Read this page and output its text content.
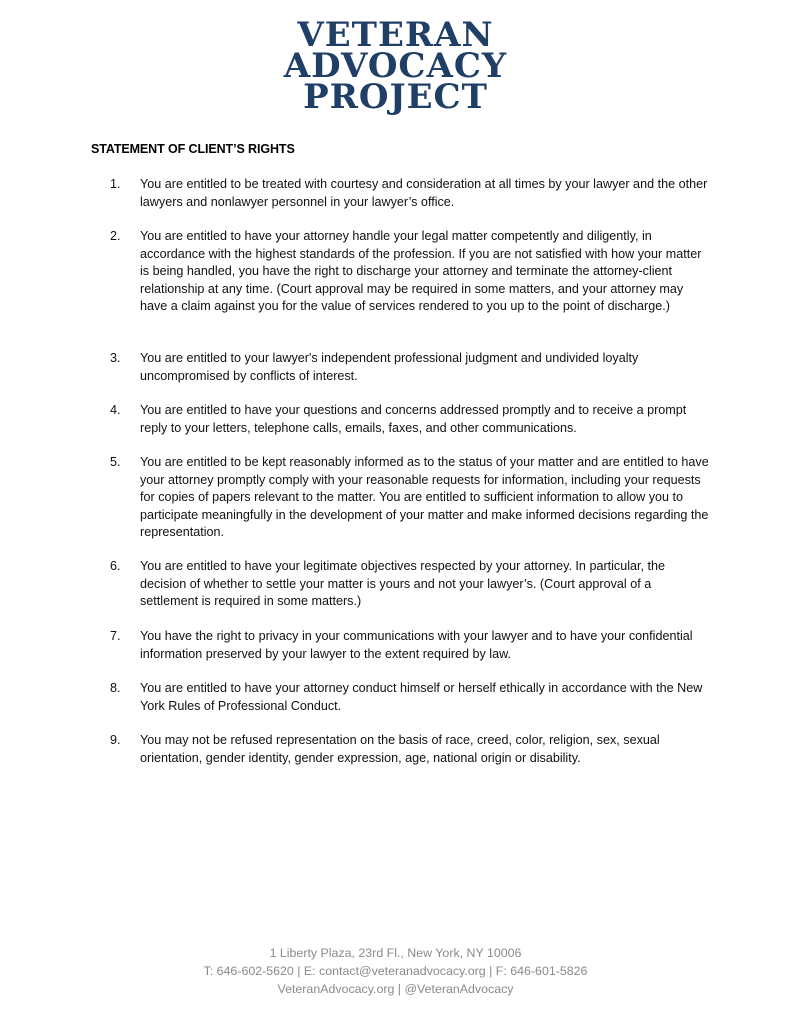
VETERAN
ADVOCACY
PROJECT
STATEMENT OF CLIENT’S RIGHTS
1.	You are entitled to be treated with courtesy and consideration at all times by your lawyer and the other lawyers and nonlawyer personnel in your lawyer’s office.
2.	You are entitled to have your attorney handle your legal matter competently and diligently, in accordance with the highest standards of the profession. If you are not satisfied with how your matter is being handled, you have the right to discharge your attorney and terminate the attorney-client relationship at any time. (Court approval may be required in some matters, and your attorney may have a claim against you for the value of services rendered to you up to the point of discharge.)
3.	You are entitled to your lawyer's independent professional judgment and undivided loyalty uncompromised by conflicts of interest.
4.	You are entitled to have your questions and concerns addressed promptly and to receive a prompt reply to your letters, telephone calls, emails, faxes, and other communications.
5.	You are entitled to be kept reasonably informed as to the status of your matter and are entitled to have your attorney promptly comply with your reasonable requests for information, including your requests for copies of papers relevant to the matter. You are entitled to sufficient information to allow you to participate meaningfully in the development of your matter and make informed decisions regarding the representation.
6.	You are entitled to have your legitimate objectives respected by your attorney. In particular, the decision of whether to settle your matter is yours and not your lawyer’s. (Court approval of a settlement is required in some matters.)
7.	You have the right to privacy in your communications with your lawyer and to have your confidential information preserved by your lawyer to the extent required by law.
8.	You are entitled to have your attorney conduct himself or herself ethically in accordance with the New York Rules of Professional Conduct.
9.	You may not be refused representation on the basis of race, creed, color, religion, sex, sexual orientation, gender identity, gender expression, age, national origin or disability.
1 Liberty Plaza, 23rd Fl., New York, NY 10006
T: 646-602-5620 | E: contact@veteranadvocacy.org | F: 646-601-5826
VeteranAdvocacy.org | @VeteranAdvocacy
